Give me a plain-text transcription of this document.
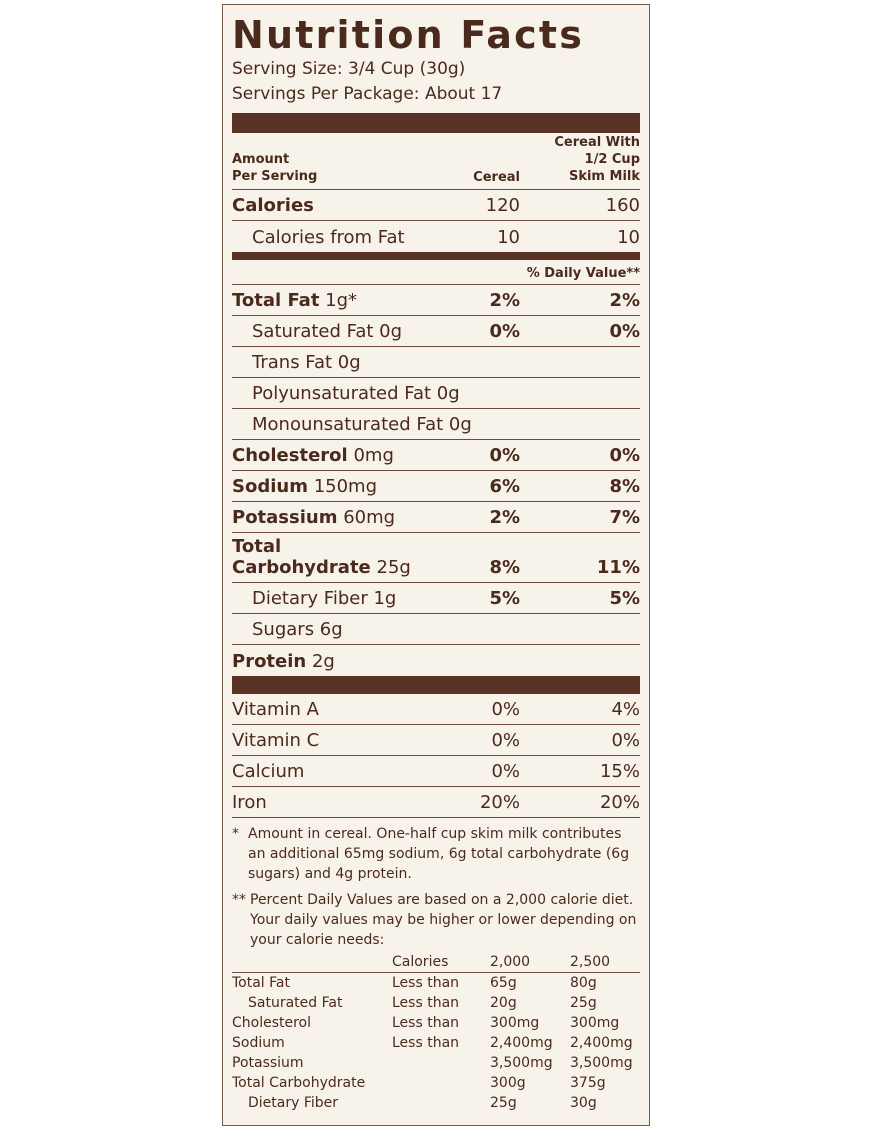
Nutrition Facts
Serving Size: 3/4 Cup (30g)
Servings Per Package: About 17
Amount
Per Serving	Cereal
Cereal With
1/2 Cup
Skim Milk
Calories	120	160
Calories from Fat	10	10
% Daily Value**
Total Fat 1g*	2%	2%
Saturated Fat 0g	0%	0%
Trans Fat 0g
Polyunsaturated Fat 0g
Monounsaturated Fat 0g
Cholesterol 0mg	0%	0%
Sodium 150mg	6%	8%
Potassium 60mg	2%	7%
Total
Carbohydrate 25g	8%	11%
Dietary Fiber 1g	5%	5%
Sugars 6g
Protein 2g
Vitamin A	0%	4%
Vitamin C	0%	0%
Calcium	0%	15%
Iron	20%	20%
* Amount in cereal. One-half cup skim milk contributes an additional 65mg sodium, 6g total carbohydrate (6g sugars) and 4g protein.
** Percent Daily Values are based on a 2,000 calorie diet. Your daily values may be higher or lower depending on your calorie needs:
	Calories	2,000	2,500
Total Fat	Less than	65g	80g
Saturated Fat	Less than	20g	25g
Cholesterol	Less than	300mg	300mg
Sodium	Less than	2,400mg	2,400mg
Potassium		3,500mg	3,500mg
Total Carbohydrate		300g	375g
Dietary Fiber		25g	30g
